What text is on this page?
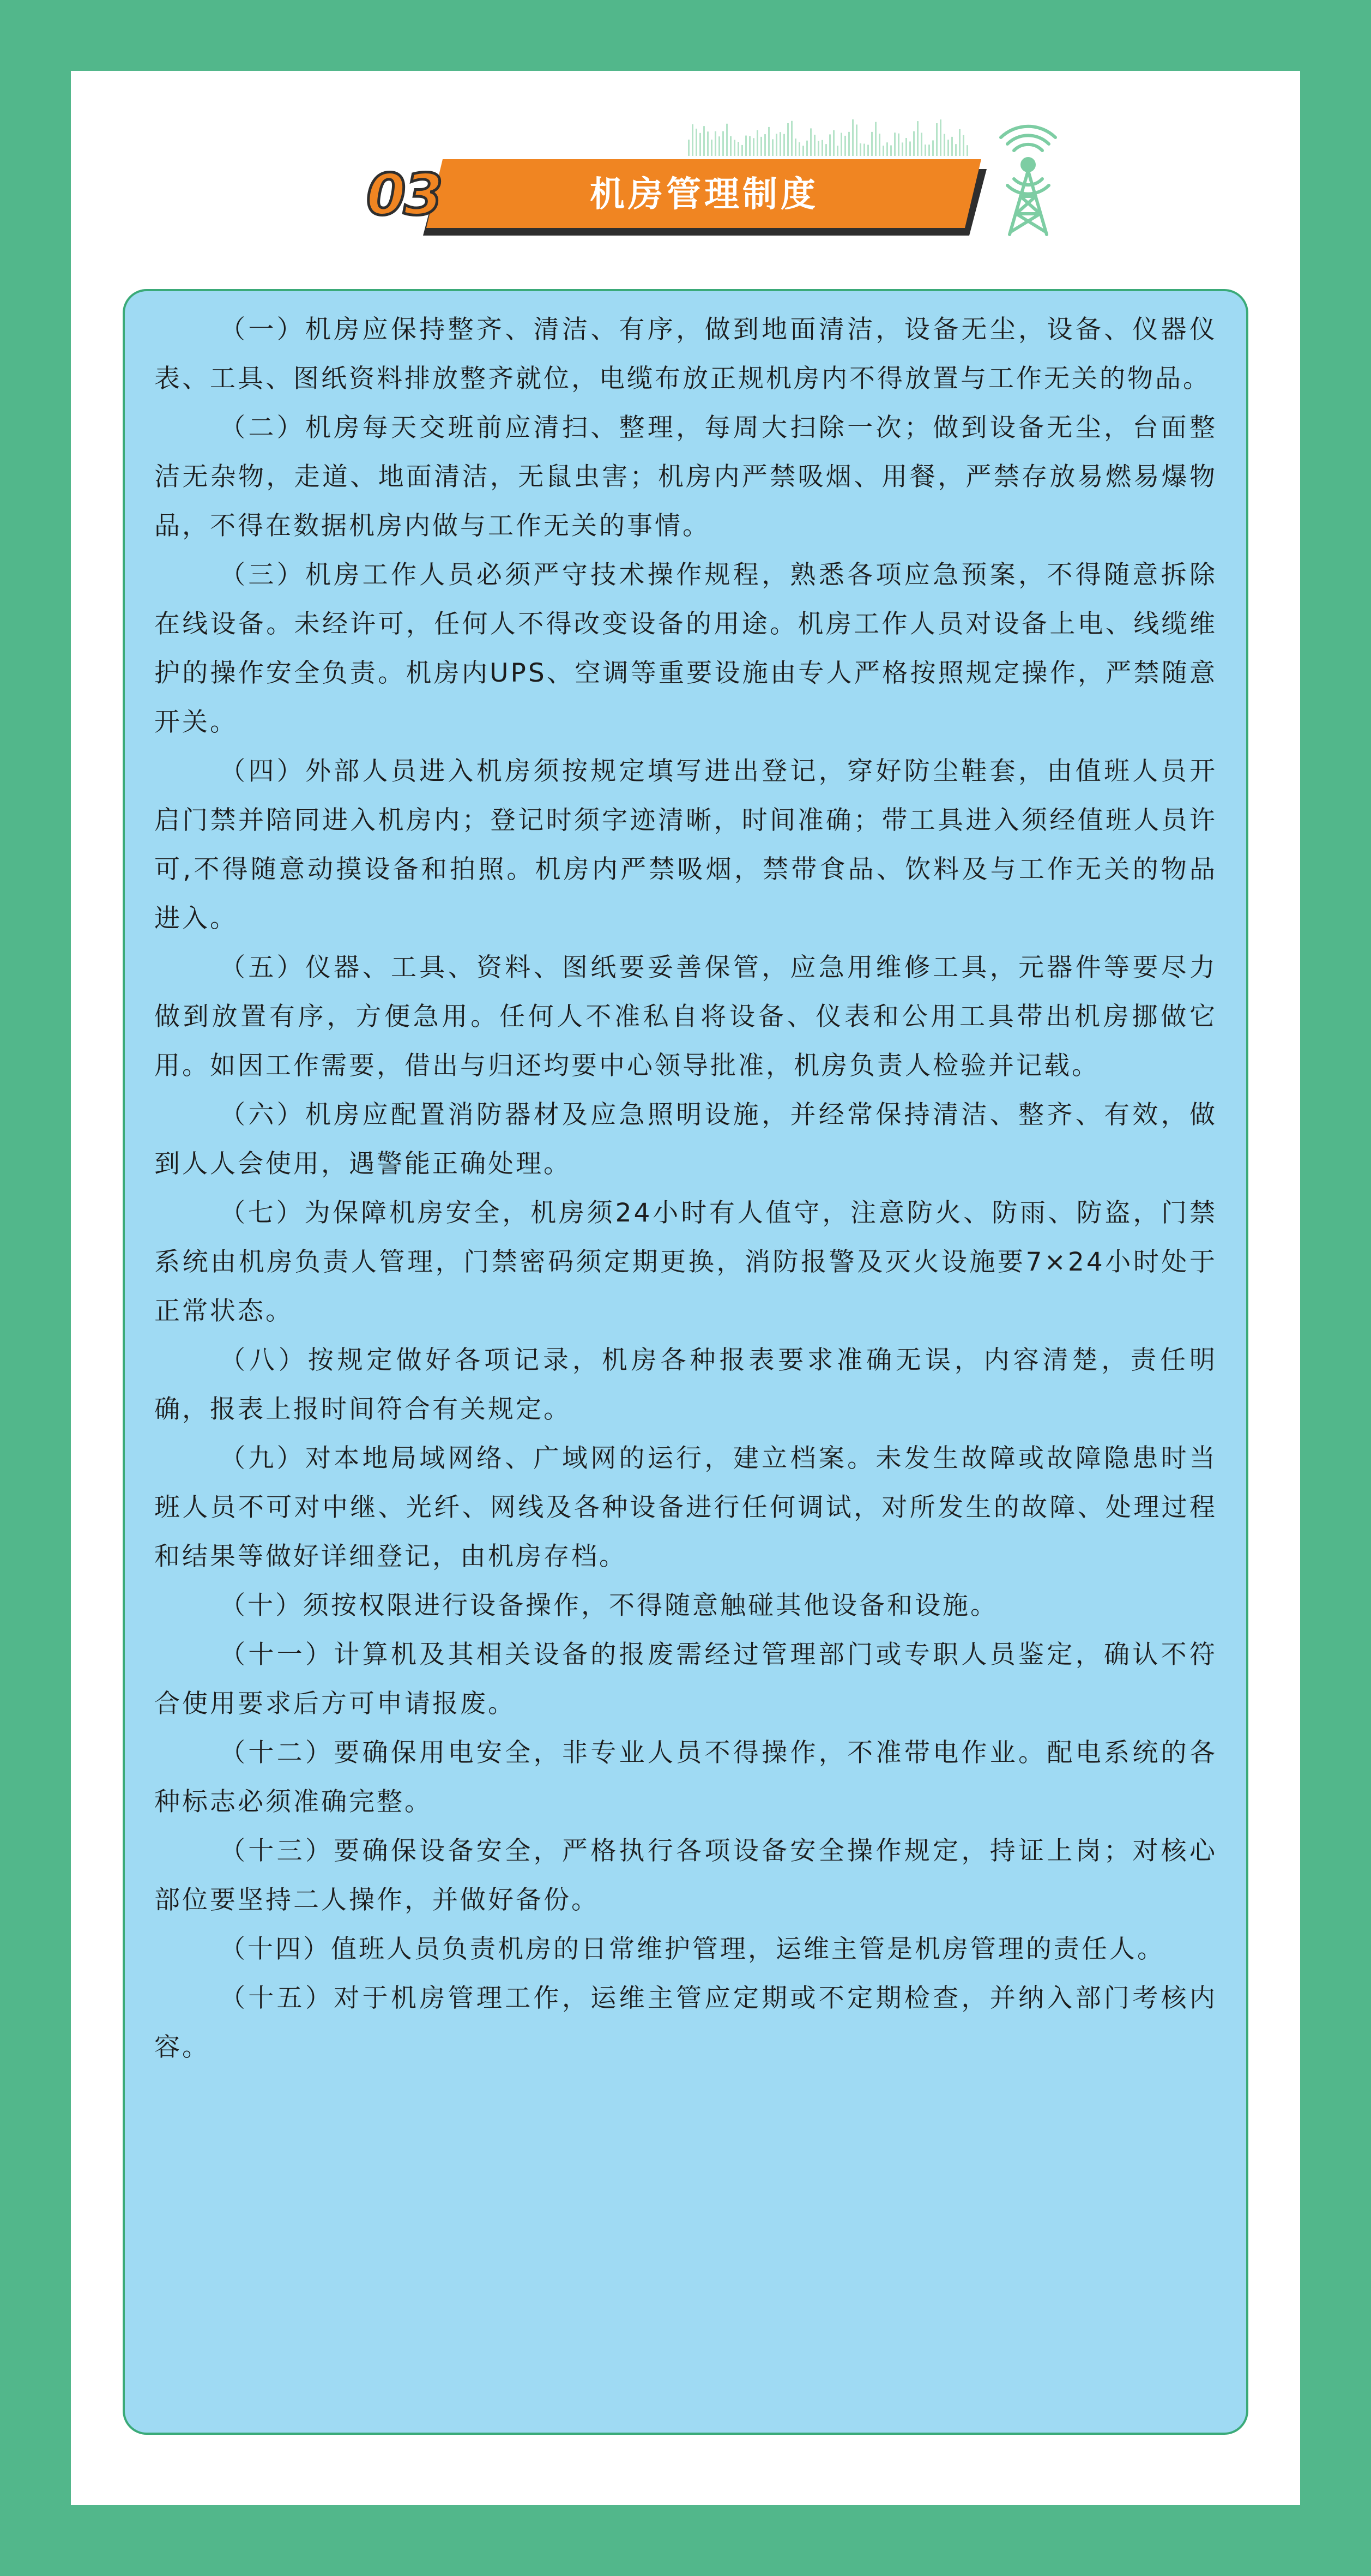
03	机房管理制度

（一）机房应保持整齐、清洁、有序，做到地面清洁，设备无尘，设备、仪器仪表、工具、图纸资料排放整齐就位，电缆布放正规机房内不得放置与工作无关的物品。

（二）机房每天交班前应清扫、整理，每周大扫除一次；做到设备无尘，台面整洁无杂物，走道、地面清洁，无鼠虫害；机房内严禁吸烟、用餐，严禁存放易燃易爆物品，不得在数据机房内做与工作无关的事情。

（三）机房工作人员必须严守技术操作规程，熟悉各项应急预案，不得随意拆除在线设备。未经许可，任何人不得改变设备的用途。机房工作人员对设备上电、线缆维护的操作安全负责。机房内UPS、空调等重要设施由专人严格按照规定操作，严禁随意开关。

（四）外部人员进入机房须按规定填写进出登记，穿好防尘鞋套，由值班人员开启门禁并陪同进入机房内；登记时须字迹清晰，时间准确；带工具进入须经值班人员许可,不得随意动摸设备和拍照。机房内严禁吸烟，禁带食品、饮料及与工作无关的物品进入。

（五）仪器、工具、资料、图纸要妥善保管，应急用维修工具，元器件等要尽力做到放置有序，方便急用。任何人不准私自将设备、仪表和公用工具带出机房挪做它用。如因工作需要，借出与归还均要中心领导批准，机房负责人检验并记载。

（六）机房应配置消防器材及应急照明设施，并经常保持清洁、整齐、有效，做到人人会使用，遇警能正确处理。

（七）为保障机房安全，机房须24小时有人值守，注意防火、防雨、防盗，门禁系统由机房负责人管理，门禁密码须定期更换，消防报警及灭火设施要7×24小时处于正常状态。

（八）按规定做好各项记录，机房各种报表要求准确无误，内容清楚，责任明确，报表上报时间符合有关规定。

（九）对本地局域网络、广域网的运行，建立档案。未发生故障或故障隐患时当班人员不可对中继、光纤、网线及各种设备进行任何调试，对所发生的故障、处理过程和结果等做好详细登记，由机房存档。

（十）须按权限进行设备操作，不得随意触碰其他设备和设施。

（十一）计算机及其相关设备的报废需经过管理部门或专职人员鉴定，确认不符合使用要求后方可申请报废。

（十二）要确保用电安全，非专业人员不得操作，不准带电作业。配电系统的各种标志必须准确完整。

（十三）要确保设备安全，严格执行各项设备安全操作规定，持证上岗；对核心部位要坚持二人操作，并做好备份。

（十四）值班人员负责机房的日常维护管理，运维主管是机房管理的责任人。

（十五）对于机房管理工作，运维主管应定期或不定期检查，并纳入部门考核内容。
